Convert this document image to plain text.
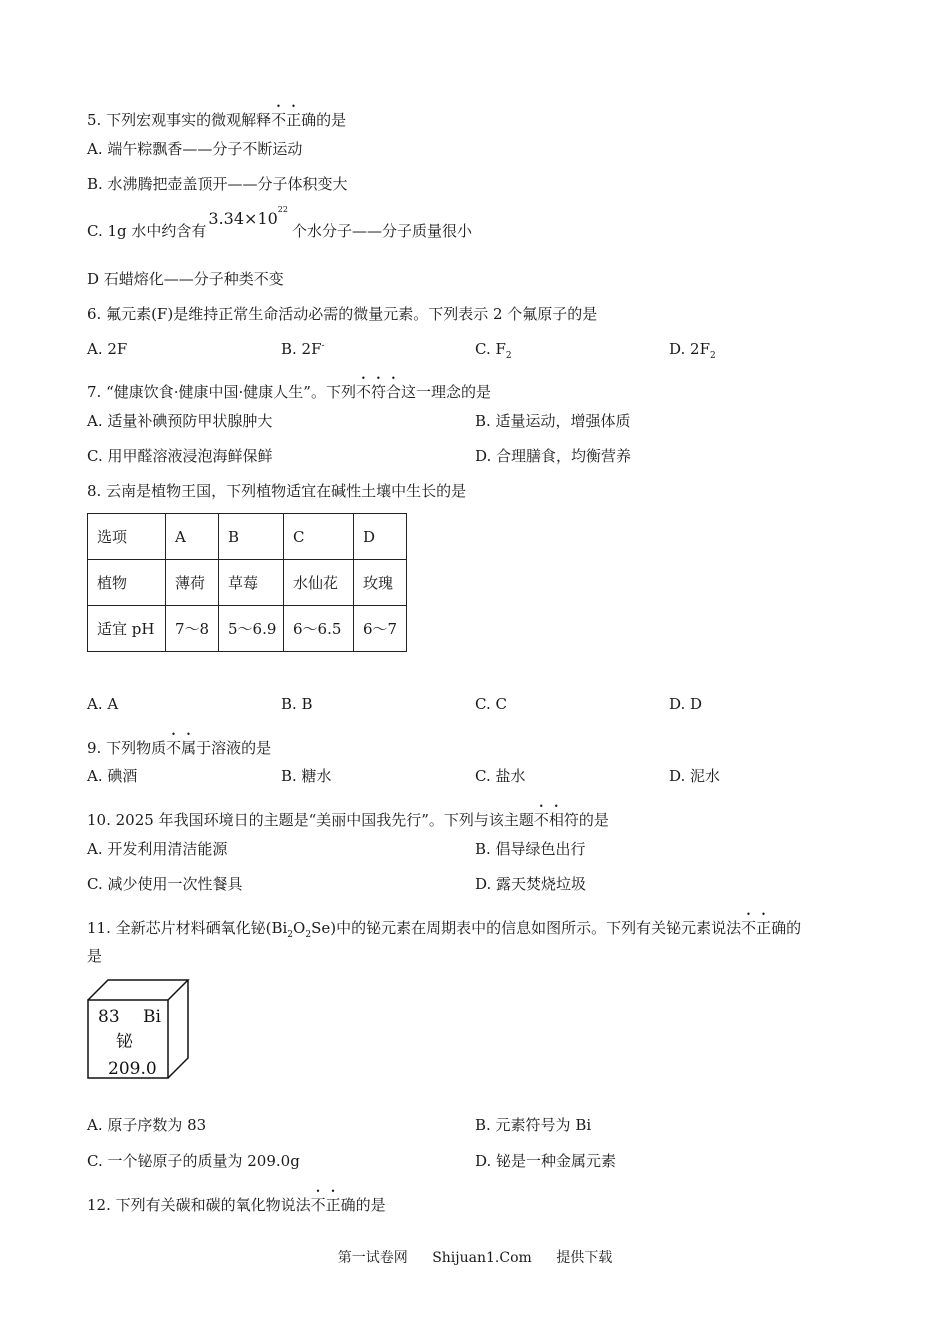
5. 下列宏观事实的微观解释不正确的是
A. 端午粽飘香——分子不断运动
B. 水沸腾把壶盖顶开——分子体积变大
C. 1g 水中约含有$3.34\times 10^{22}$个水分子——分子质量很小
D 石蜡熔化——分子种类不变
6. 氟元素(F)是维持正常生命活动必需的微量元素。下列表示 2 个氟原子的是
A. 2F	B. 2F-	C. $F_2$	D. $2F_2$
7. “健康饮食·健康中国·健康人生”。下列不符合这一理念的是
A. 适量补碘预防甲状腺肿大	B. 适量运动，增强体质
C. 用甲醛溶液浸泡海鲜保鲜	D. 合理膳食，均衡营养
8. 云南是植物王国，下列植物适宜在碱性土壤中生长的是
选项	A	B	C	D
植物	薄荷	草莓	水仙花	玫瑰
适宜 pH	7～8	5～6.9	6～6.5	6～7
A. A	B. B	C. C	D. D
9. 下列物质不属于溶液的是
A. 碘酒	B. 糖水	C. 盐水	D. 泥水
10. 2025 年我国环境日的主题是“美丽中国我先行”。下列与该主题不相符的是
A. 开发利用清洁能源	B. 倡导绿色出行
C. 减少使用一次性餐具	D. 露天焚烧垃圾
11. 全新芯片材料硒氧化铋$(Bi_2O_2Se)$中的铋元素在周期表中的信息如图所示。下列有关铋元素说法不正确的
是
83 Bi
铋
209.0
A. 原子序数为 83	B. 元素符号为 Bi
C. 一个铋原子的质量为 209.0g	D. 铋是一种金属元素
12. 下列有关碳和碳的氧化物说法不正确的是
第一试卷网 Shijuan1.Com 提供下载
